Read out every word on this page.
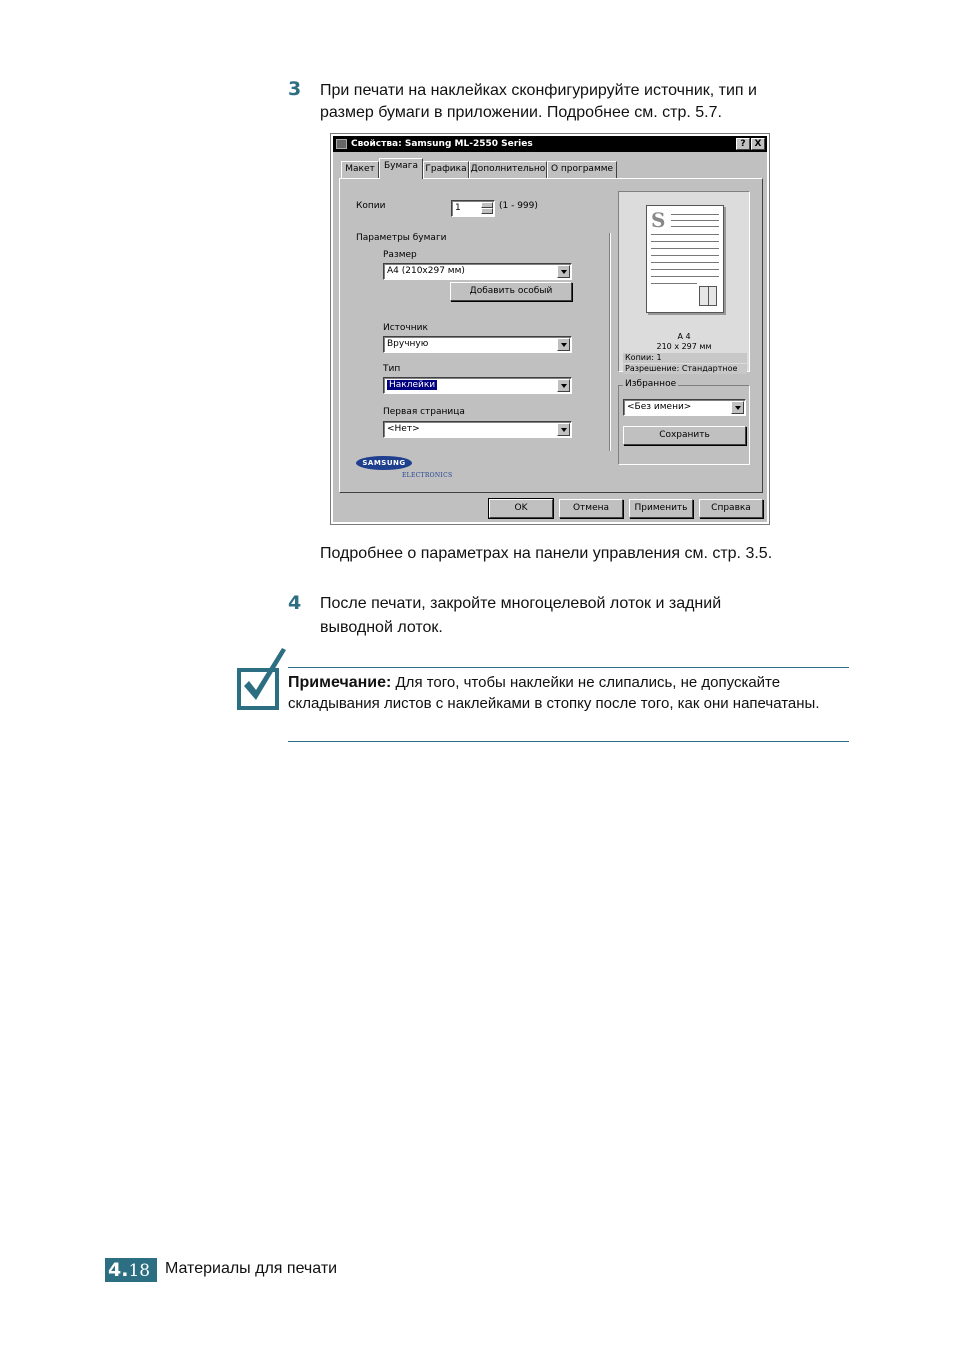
3 При печати на наклейках сконфигурируйте источник, тип и
размер бумаги в приложении. Подробнее см. стр. 5.7.
Свойства: Samsung ML-2550 Series	? X
Макет	Бумага Графика Дополнительно О программе
Копии	1	(1 - 999)
Параметры бумаги
Размер
A4 (210x297 мм)
Добавить особый
Источник
Вручную
Тип
Наклейки
Первая страница
<Нет>
S
A 4
210 x 297 мм
Копии: 1
Разрешение: Стандартное
Избранное
<Без имени>
Сохранить
SAMSUNG
ELECTRONICS
OK	Отмена	Применить	Справка
Подробнее о параметрах на панели управления см. стр. 3.5.
4 После печати, закройте многоцелевой лоток и задний
выводной лоток.
Примечание: Для того, чтобы наклейки не слипались, не допускайте складывания листов с наклейками в стопку после того, как они напечатаны.
4.18 Материалы для печати
